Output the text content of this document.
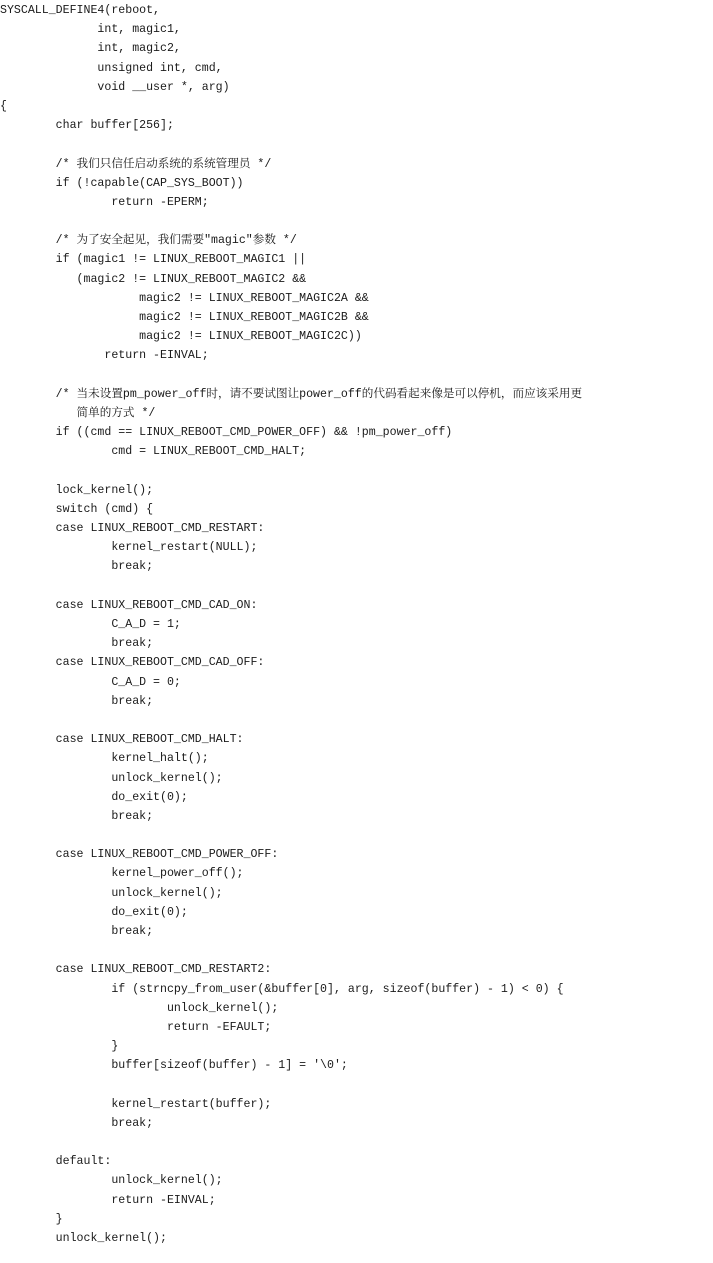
SYSCALL_DEFINE4(reboot,
int, magic1,
int, magic2,
unsigned int, cmd,
void __user *, arg)
{
char buffer[256];
/* 我们只信任启动系统的系统管理员 */
if (!capable(CAP_SYS_BOOT))
return -EPERM;
/* 为了安全起见，我们需要"magic"参数 */
if (magic1 != LINUX_REBOOT_MAGIC1 ||
(magic2 != LINUX_REBOOT_MAGIC2 &&
magic2 != LINUX_REBOOT_MAGIC2A &&
magic2 != LINUX_REBOOT_MAGIC2B &&
magic2 != LINUX_REBOOT_MAGIC2C))
return -EINVAL;
/* 当未设置pm_power_off时，请不要试图让power_off的代码看起来像是可以停机，而应该采用更
简单的方式 */
if ((cmd == LINUX_REBOOT_CMD_POWER_OFF) && !pm_power_off)
cmd = LINUX_REBOOT_CMD_HALT;
lock_kernel();
switch (cmd) {
case LINUX_REBOOT_CMD_RESTART:
kernel_restart(NULL);
break;
case LINUX_REBOOT_CMD_CAD_ON:
C_A_D = 1;
break;
case LINUX_REBOOT_CMD_CAD_OFF:
C_A_D = 0;
break;
case LINUX_REBOOT_CMD_HALT:
kernel_halt();
unlock_kernel();
do_exit(0);
break;
case LINUX_REBOOT_CMD_POWER_OFF:
kernel_power_off();
unlock_kernel();
do_exit(0);
break;
case LINUX_REBOOT_CMD_RESTART2:
if (strncpy_from_user(&buffer[0], arg, sizeof(buffer) - 1) < 0) {
unlock_kernel();
return -EFAULT;
}
buffer[sizeof(buffer) - 1] = '\0';
kernel_restart(buffer);
break;
default:
unlock_kernel();
return -EINVAL;
}
unlock_kernel();
